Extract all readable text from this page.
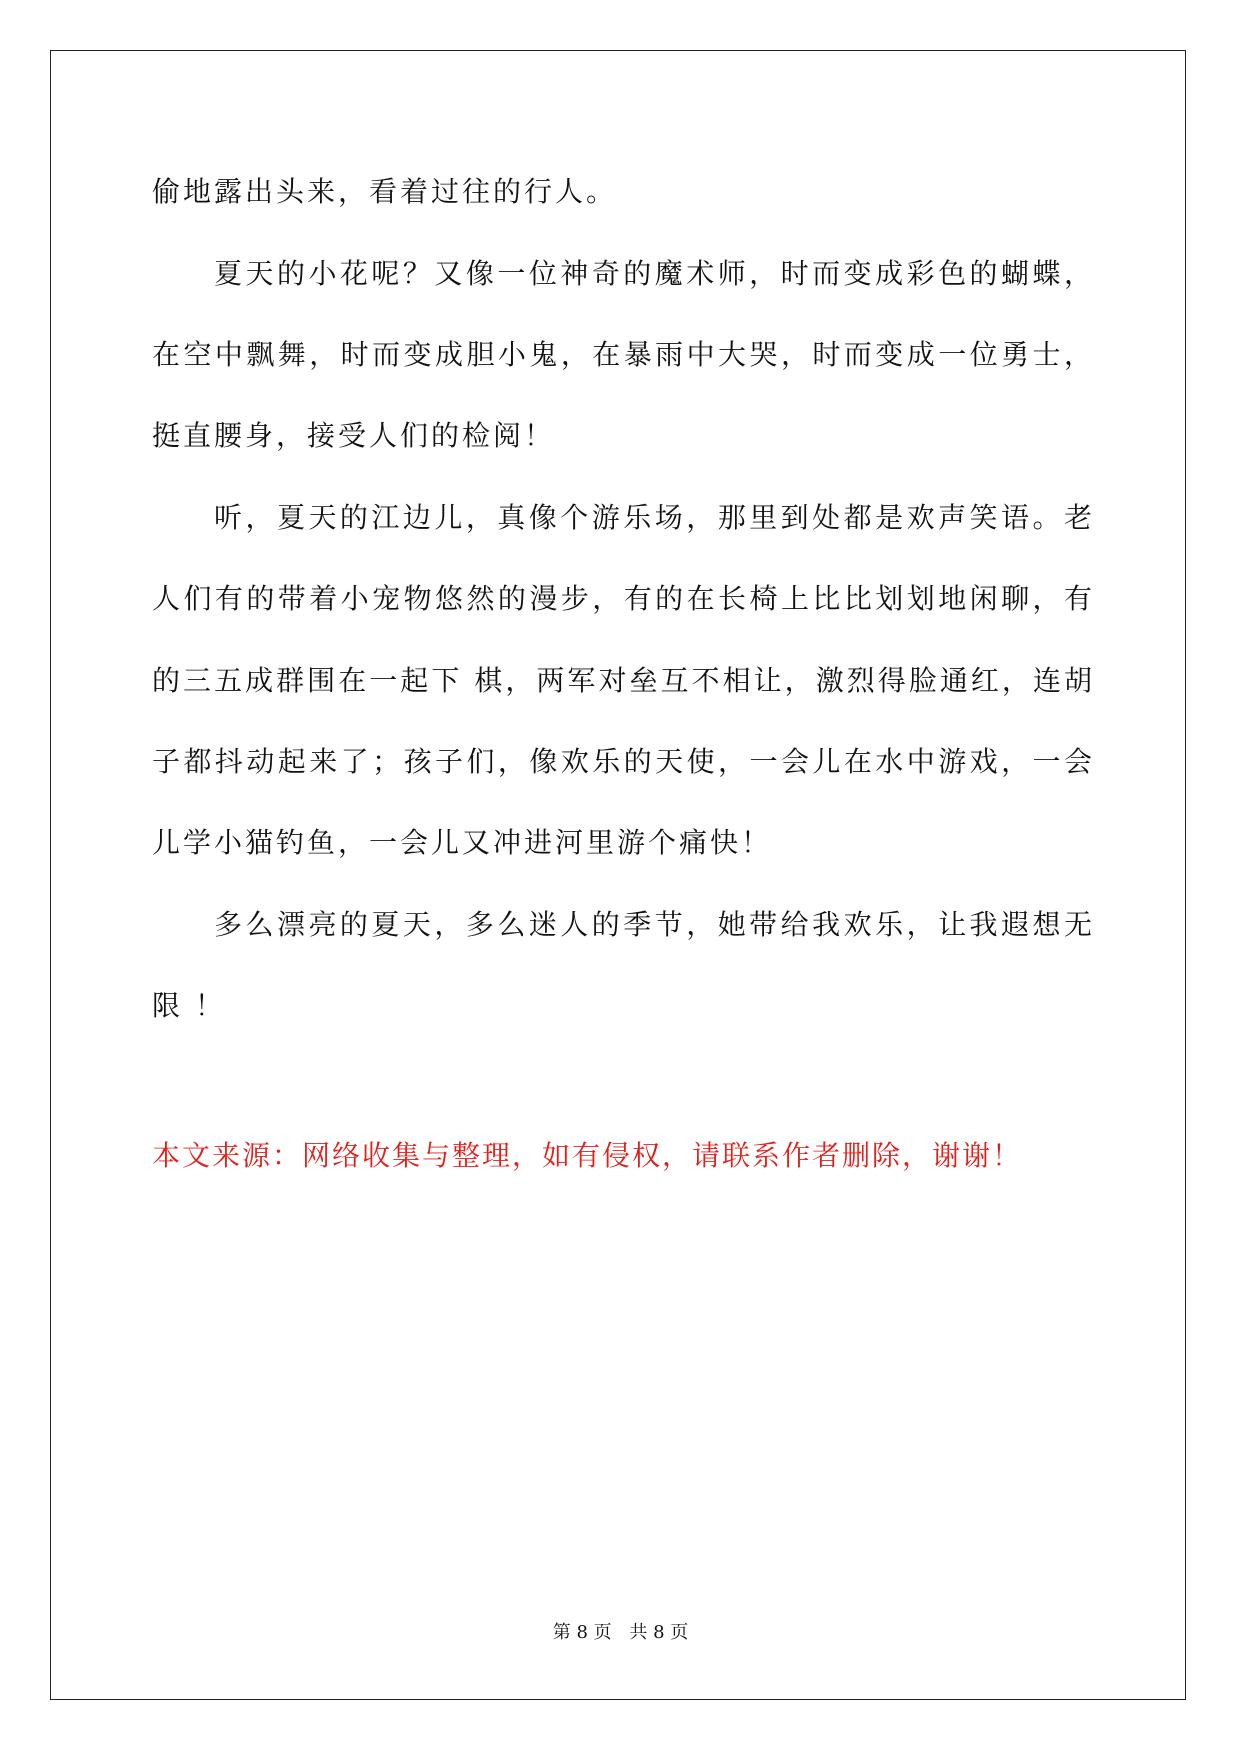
偷地露出头来，看着过往的行人。
夏天的小花呢？又像一位神奇的魔术师，时而变成彩色的蝴蝶，
在空中飘舞，时而变成胆小鬼，在暴雨中大哭，时而变成一位勇士，
挺直腰身，接受人们的检阅！
听，夏天的江边儿，真像个游乐场，那里到处都是欢声笑语。老
人们有的带着小宠物悠然的漫步，有的在长椅上比比划划地闲聊，有
的三五成群围在一起下 棋，两军对垒互不相让，激烈得脸通红，连胡
子都抖动起来了；孩子们，像欢乐的天使，一会儿在水中游戏，一会
儿学小猫钓鱼，一会儿又冲进河里游个痛快！
多么漂亮的夏天，多么迷人的季节，她带给我欢乐，让我遐想无
限 ！
本文来源：网络收集与整理，如有侵权，请联系作者删除，谢谢！
第 8 页 共 8 页
